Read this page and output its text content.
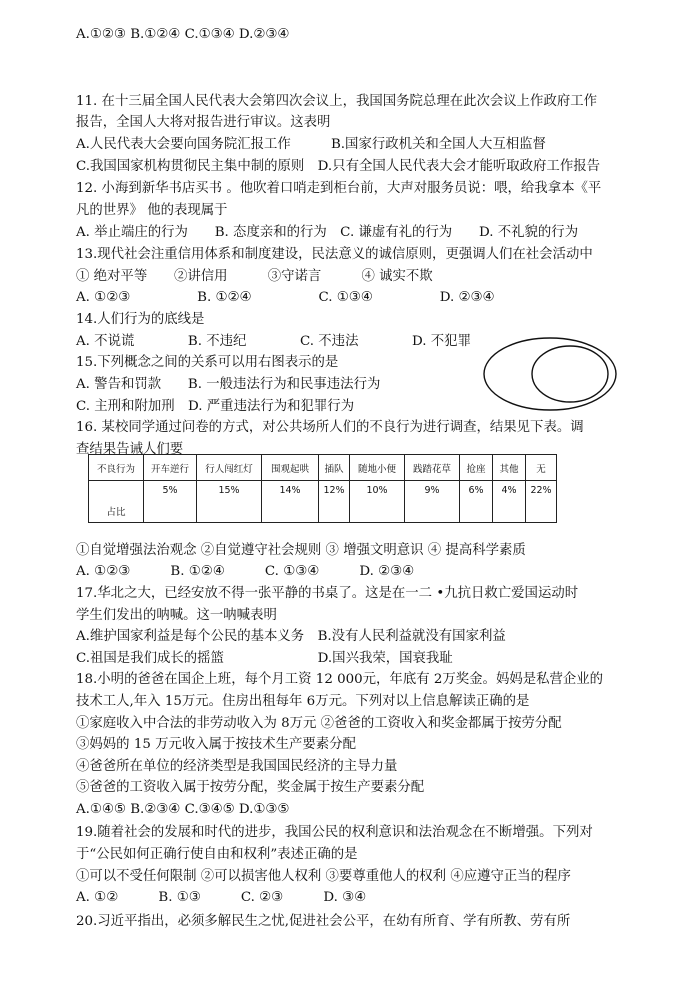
A.①②③ B.①②④ C.①③④ D.②③④
11. 在十三届全国人民代表大会第四次会议上，我国国务院总理在此次会议上作政府工作
报告，全国人大将对报告进行审议。这表明
A.人民代表大会要向国务院汇报工作　　　B.国家行政机关和全国人大互相监督
C.我国国家机构贯彻民主集中制的原则　D.只有全国人民代表大会才能听取政府工作报告
12. 小海到新华书店买书 。他吹着口哨走到柜台前，大声对服务员说：喂，给我拿本《平
凡的世界》 他的表现属于
A. 举止端庄的行为　　B. 态度亲和的行为　C. 谦虚有礼的行为　　D. 不礼貌的行为
13.现代社会注重信用体系和制度建设，民法意义的诚信原则，更强调人们在社会活动中
① 绝对平等　　②讲信用　　　③守诺言　　　④ 诚实不欺
A. ①②③　　　　　B. ①②④　　　　　C. ①③④　　　　　D. ②③④
14.人们行为的底线是
A. 不说谎　　　　B. 不违纪　　　　C. 不违法　　　　D. 不犯罪
15.下列概念之间的关系可以用右图表示的是
A. 警告和罚款　　B. 一般违法行为和民事违法行为
C. 主刑和附加刑　D. 严重违法行为和犯罪行为
16. 某校同学通过问卷的方式，对公共场所人们的不良行为进行调查，结果见下表。调
查结果告诫人们要
①自觉增强法治观念 ②自觉遵守社会规则 ③ 增强文明意识 ④ 提高科学素质
A. ①②③　　　B. ①②④　　　C. ①③④　　　D. ②③④
17.华北之大，已经安放不得一张平静的书桌了。这是在一二 •九抗日救亡爱国运动时
学生们发出的呐喊。这一呐喊表明
A.维护国家利益是每个公民的基本义务　B.没有人民利益就没有国家利益
C.祖国是我们成长的摇篮　　　　　　　D.国兴我荣，国衰我耻
18.小明的爸爸在国企上班，每个月工资 12 000元，年底有 2万奖金。妈妈是私营企业的
技术工人,年入 15万元。住房出租每年 6万元。下列对以上信息解读正确的是
①家庭收入中合法的非劳动收入为 8万元 ②爸爸的工资收入和奖金都属于按劳分配
③妈妈的 15 万元收入属于按技术生产要素分配
④爸爸所在单位的经济类型是我国国民经济的主导力量
⑤爸爸的工资收入属于按劳分配，奖金属于按生产要素分配
A.①④⑤ B.②③④ C.③④⑤ D.①③⑤
19.随着社会的发展和时代的进步，我国公民的权利意识和法治观念在不断增强。下列对
于“公民如何正确行使自由和权利”表述正确的是
①可以不受任何限制 ②可以损害他人权利 ③要尊重他人的权利 ④应遵守正当的程序
A. ①②　　　B. ①③　　　C. ②③　　　D. ③④
20.习近平指出，必须多解民生之忧,促进社会公平，在幼有所育、学有所教、劳有所
不良行为	开车逆行	行人闯红灯	围观起哄	插队	随地小便	践踏花草	抢座	其他	无
占比	5%	15%	14%	12%	10%	9%	6%	4%	22%
